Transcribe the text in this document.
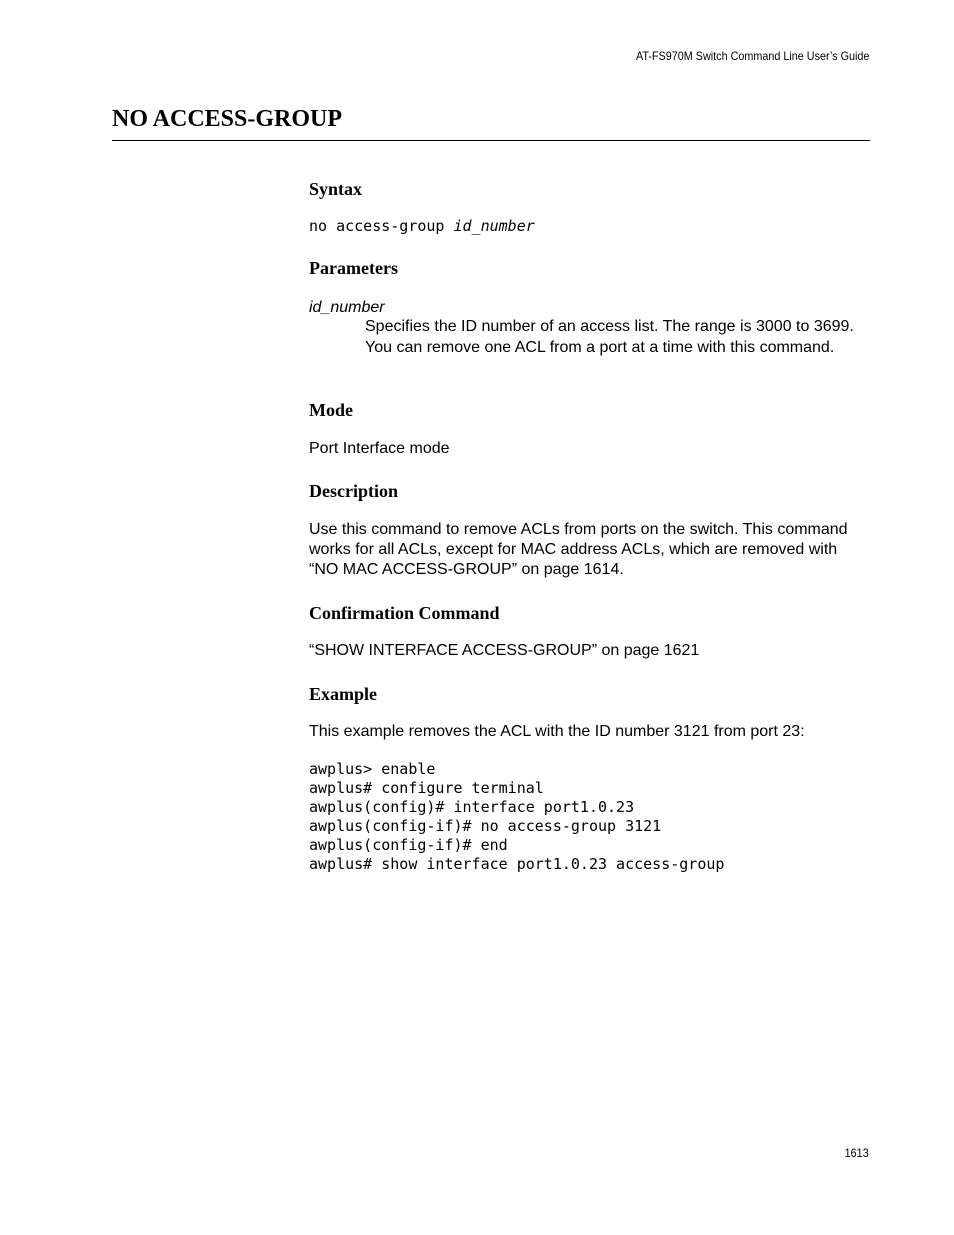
AT-FS970M Switch Command Line User’s Guide
NO ACCESS-GROUP
Syntax
no access-group id_number
Parameters
id_number

Specifies the ID number of an access list. The range is 3000 to 3699. You can remove one ACL from a port at a time with this command.

Mode

Port Interface mode

Description

Use this command to remove ACLs from ports on the switch. This command works for all ACLs, except for MAC address ACLs, which are removed with “NO MAC ACCESS-GROUP” on page 1614.

Confirmation Command

“SHOW INTERFACE ACCESS-GROUP” on page 1621

Example

This example removes the ACL with the ID number 3121 from port 23:

awplus> enable
awplus# configure terminal
awplus(config)# interface port1.0.23
awplus(config-if)# no access-group 3121
awplus(config-if)# end
awplus# show interface port1.0.23 access-group
1613
